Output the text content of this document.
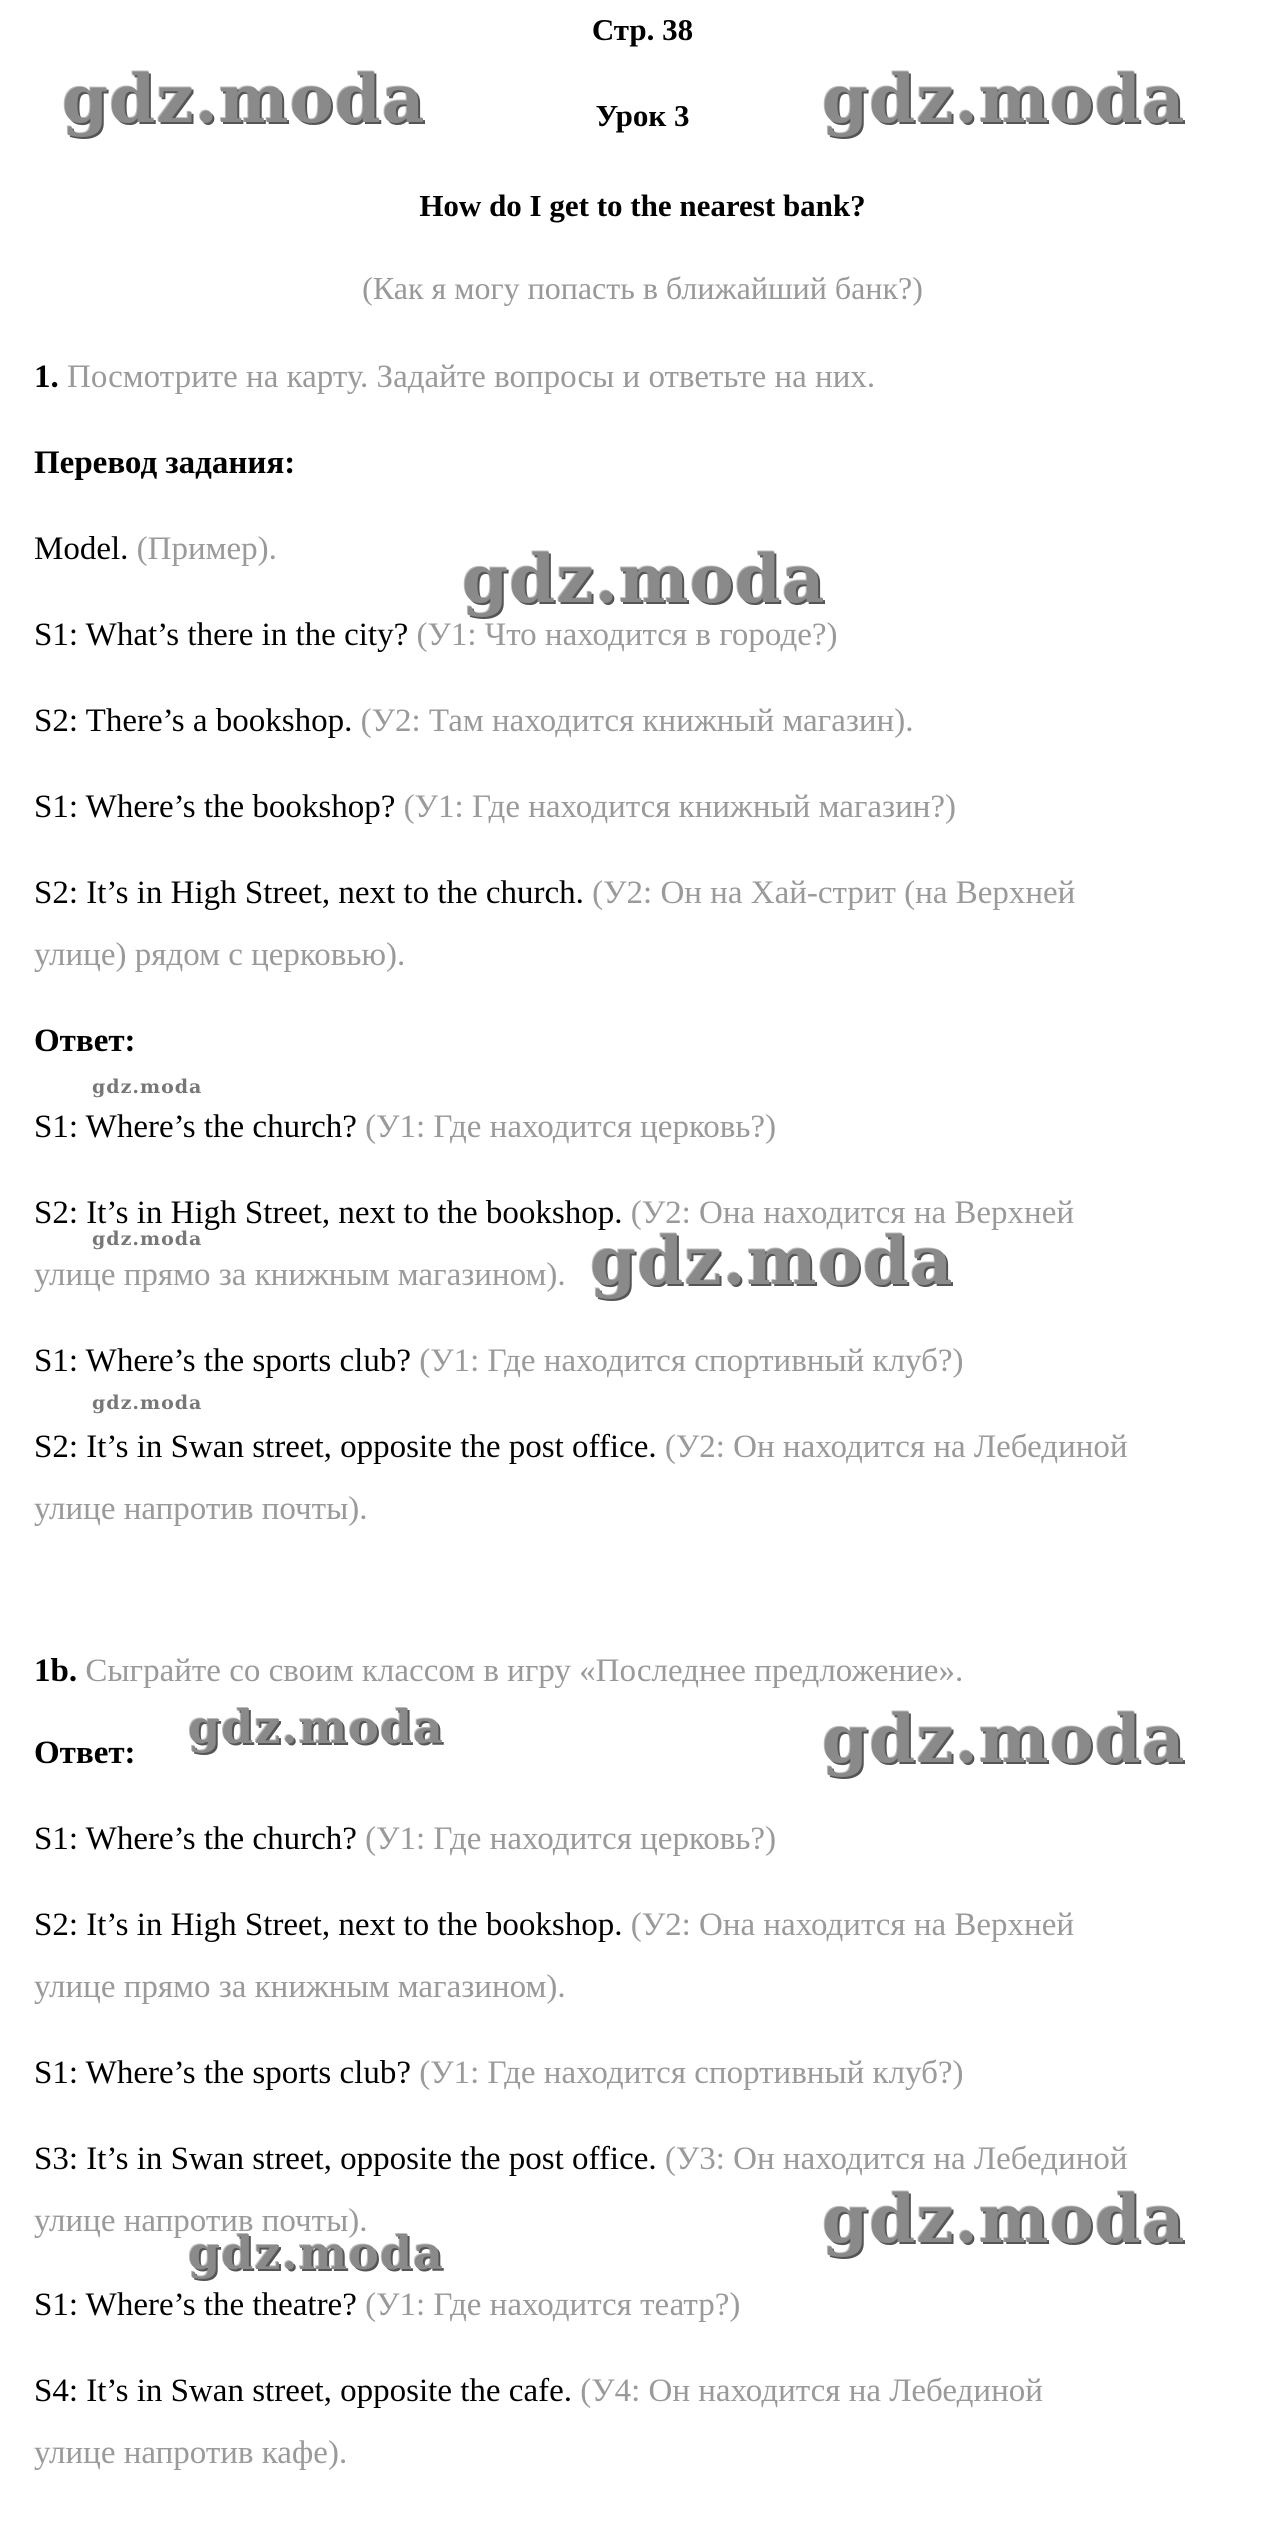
Стр. 38
Урок 3
How do I get to the nearest bank?
(Как я могу попасть в ближайший банк?)
1. Посмотрите на карту. Задайте вопросы и ответьте на них.
Перевод задания:
Model. (Пример).
S1: What’s there in the city? (У1: Что находится в городе?)
S2: There’s a bookshop. (У2: Там находится книжный магазин).
S1: Where’s the bookshop? (У1: Где находится книжный магазин?)
S2: It’s in High Street, next to the church. (У2: Он на Хай-стрит (на Верхней
улице) рядом с церковью).
Ответ:
S1: Where’s the church? (У1: Где находится церковь?)
S2: It’s in High Street, next to the bookshop. (У2: Она находится на Верхней
улице прямо за книжным магазином).
S1: Where’s the sports club? (У1: Где находится спортивный клуб?)
S2: It’s in Swan street, opposite the post office. (У2: Он находится на Лебединой
улице напротив почты).
1b. Сыграйте со своим классом в игру «Последнее предложение».
Ответ:
S1: Where’s the church? (У1: Где находится церковь?)
S2: It’s in High Street, next to the bookshop. (У2: Она находится на Верхней
улице прямо за книжным магазином).
S1: Where’s the sports club? (У1: Где находится спортивный клуб?)
S3: It’s in Swan street, opposite the post office. (У3: Он находится на Лебединой
улице напротив почты).
S1: Where’s the theatre? (У1: Где находится театр?)
S4: It’s in Swan street, opposite the cafe. (У4: Он находится на Лебединой
улице напротив кафе).
gdz.moda	gdz.moda
gdz.moda
gdz.moda
gdz.moda	gdz.moda
gdz.moda
gdz.moda	gdz.moda
gdz.moda
gdz.moda
